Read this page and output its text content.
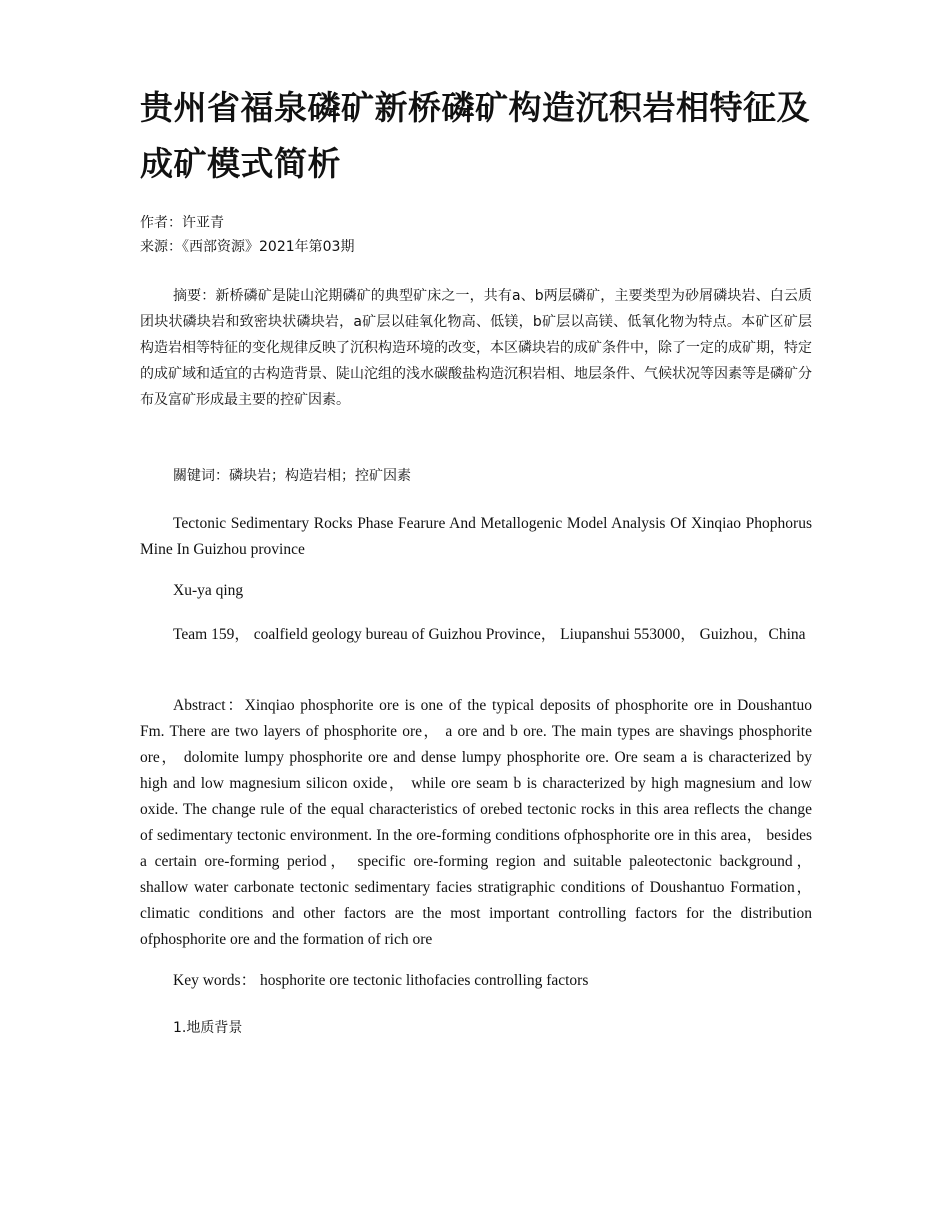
贵州省福泉磷矿新桥磷矿构造沉积岩相特征及成矿模式简析
作者：许亚青
来源：《西部资源》2021年第03期

摘要：新桥磷矿是陡山沱期磷矿的典型矿床之一，共有a、b两层磷矿，主要类型为砂屑磷块岩、白云质团块状磷块岩和致密块状磷块岩，a矿层以硅氧化物高、低镁，b矿层以高镁、低氧化物为特点。本矿区矿层构造岩相等特征的变化规律反映了沉积构造环境的改变，本区磷块岩的成矿条件中，除了一定的成矿期，特定的成矿域和适宜的古构造背景、陡山沱组的浅水碳酸盐构造沉积岩相、地层条件、气候状况等因素等是磷矿分布及富矿形成最主要的控矿因素。

關键词：磷块岩；构造岩相；控矿因素

Tectonic Sedimentary Rocks Phase Fearure And Metallogenic Model Analysis Of Xinqiao Phophorus Mine In Guizhou province

Xu-ya qing

Team 159， coalfield geology bureau of Guizhou Province， Liupanshui 553000， Guizhou，China

Abstract：Xinqiao phosphorite ore is one of the typical deposits of phosphorite ore in Doushantuo Fm. There are two layers of phosphorite ore， a ore and b ore. The main types are shavings phosphorite ore， dolomite lumpy phosphorite ore and dense lumpy phosphorite ore. Ore seam a is characterized by high and low magnesium silicon oxide， while ore seam b is characterized by high magnesium and low oxide. The change rule of the equal characteristics of orebed tectonic rocks in this area reflects the change of sedimentary tectonic environment. In the ore-forming conditions ofphosphorite ore in this area， besides a certain ore-forming period， specific ore-forming region and suitable paleotectonic background， shallow water carbonate tectonic sedimentary facies stratigraphic conditions of Doushantuo Formation， climatic conditions and other factors are the most important controlling factors for the distribution ofphosphorite ore and the formation of rich ore

Key words： hosphorite ore tectonic lithofacies controlling factors

1.地质背景
